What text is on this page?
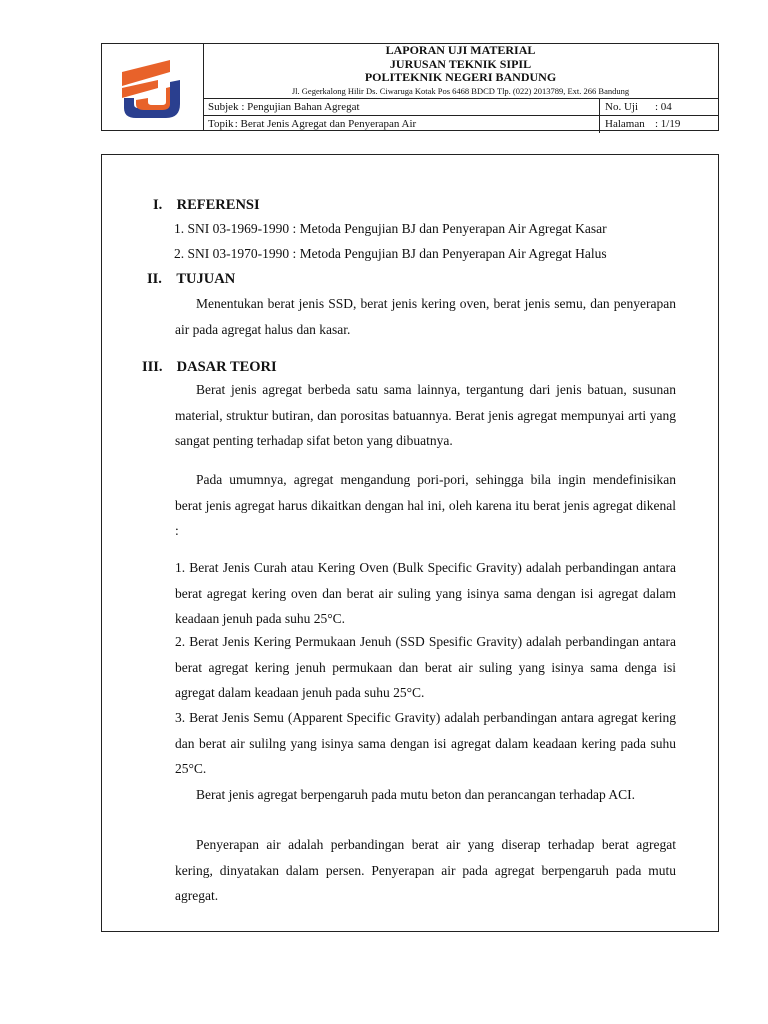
LAPORAN UJI MATERIAL
JURUSAN TEKNIK SIPIL
POLITEKNIK NEGERI BANDUNG
Jl. Gegerkalong Hilir Ds. Ciwaruga Kotak Pos 6468 BDCD Tlp. (022) 2013789, Ext. 266 Bandung
Subjek : Pengujian Bahan Agregat	No. Uji : 04
Topik : Berat Jenis Agregat dan Penyerapan Air	Halaman : 1/19
I. REFERENSI
1. SNI 03-1969-1990 : Metoda Pengujian BJ dan Penyerapan Air Agregat Kasar
2. SNI 03-1970-1990 : Metoda Pengujian BJ dan Penyerapan Air Agregat Halus
II. TUJUAN
Menentukan berat jenis SSD, berat jenis kering oven, berat jenis semu, dan penyerapan air pada agregat halus dan kasar.
III. DASAR TEORI
Berat jenis agregat berbeda satu sama lainnya, tergantung dari jenis batuan, susunan material, struktur butiran, dan porositas batuannya. Berat jenis agregat mempunyai arti yang sangat penting terhadap sifat beton yang dibuatnya.
Pada umumnya, agregat mengandung pori-pori, sehingga bila ingin mendefinisikan berat jenis agregat harus dikaitkan dengan hal ini, oleh karena itu berat jenis agregat dikenal :
1. Berat Jenis Curah atau Kering Oven (Bulk Specific Gravity) adalah perbandingan antara berat agregat kering oven dan berat air suling yang isinya sama dengan isi agregat dalam keadaan jenuh pada suhu 25°C.
2. Berat Jenis Kering Permukaan Jenuh (SSD Spesific Gravity) adalah perbandingan antara berat agregat kering jenuh permukaan dan berat air suling yang isinya sama denga isi agregat dalam keadaan jenuh pada suhu 25°C.
3. Berat Jenis Semu (Apparent Specific Gravity) adalah perbandingan antara agregat kering dan berat air sulilng yang isinya sama dengan isi agregat dalam keadaan kering pada suhu 25°C.
Berat jenis agregat berpengaruh pada mutu beton dan perancangan terhadap ACI.
Penyerapan air adalah perbandingan berat air yang diserap terhadap berat agregat kering, dinyatakan dalam persen. Penyerapan air pada agregat berpengaruh pada mutu agregat.
